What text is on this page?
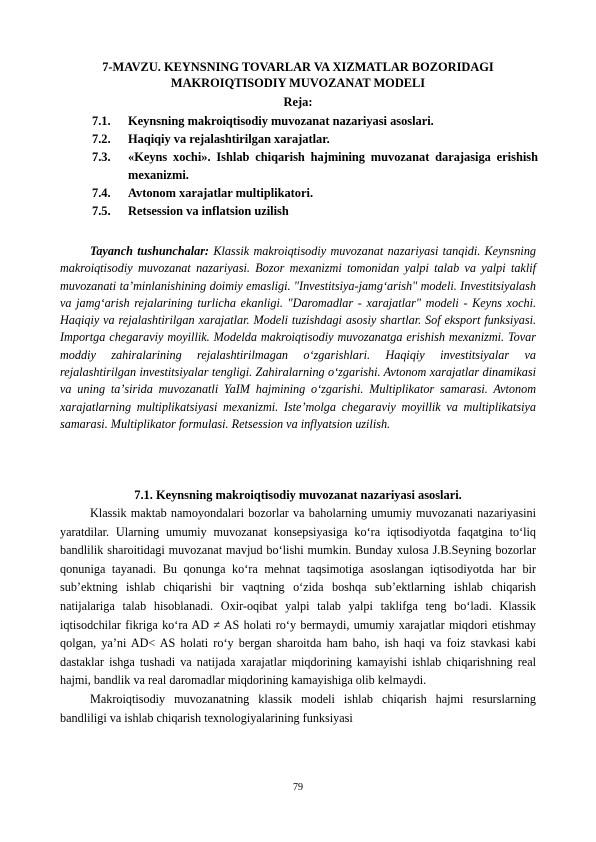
7-MAVZU. KEYNSNING TOVARLAR VA XIZMATLAR BOZORIDAGI MAKROIQTISODIY MUVOZANAT MODELI
Reja:
7.1.	Keynsning makroiqtisodiy muvozanat nazariyasi asoslari.
7.2.	Haqiqiy va rejalashtirilgan xarajatlar.
7.3.	«Keyns xochi». Ishlab chiqarish hajmining muvozanat darajasiga erishish mexanizmi.
7.4.	Avtonom xarajatlar multiplikatori.
7.5.	Retsession va inflatsion uzilish

Tayanch tushunchalar: Klassik makroiqtisodiy muvozanat nazariyasi tanqidi. Keynsning makroiqtisodiy muvozanat nazariyasi. Bozor mexanizmi tomonidan yalpi talab va yalpi taklif muvozanati taʼminlanishining doimiy emasligi. "Investitsiya-jamg‘arish" modeli. Investitsiyalash va jamg‘arish rejalarining turlicha ekanligi. "Daromadlar - xarajatlar" modeli - Keyns xochi. Haqiqiy va rejalashtirilgan xarajatlar. Modeli tuzishdagi asosiy shartlar. Sof eksport funksiyasi. Importga chegaraviy moyillik. Modelda makroiqtisodiy muvozanatga erishish mexanizmi. Tovar moddiy zahiralarining rejalashtirilmagan o‘zgarishlari. Haqiqiy investitsiyalar va rejalashtirilgan investitsiyalar tengligi. Zahiralarning o‘zgarishi. Avtonom xarajatlar dinamikasi va uning taʼsirida muvozanatli YaIM hajmining o‘zgarishi. Multiplikator samarasi. Avtonom xarajatlarning multiplikatsiyasi mexanizmi. Isteʼmolga chegaraviy moyillik va multiplikatsiya samarasi. Multiplikator formulasi. Retsession va inflyatsion uzilish.

7.1. Keynsning makroiqtisodiy muvozanat nazariyasi asoslari.

Klassik maktab namoyondalari bozorlar va baholarning umumiy muvozanati nazariyasini yaratdilar. Ularning umumiy muvozanat konsepsiyasiga ko‘ra iqtisodiyotda faqatgina to‘liq bandlilik sharoitidagi muvozanat mavjud bo‘lishi mumkin. Bunday xulosa J.B.Seyning bozorlar qonuniga tayanadi. Bu qonunga ko‘ra mehnat taqsimotiga asoslangan iqtisodiyotda har bir sub’ektning ishlab chiqarishi bir vaqtning o‘zida boshqa sub’ektlarning ishlab chiqarish natijalariga talab hisoblanadi. Oxir-oqibat yalpi talab yalpi taklifga teng bo‘ladi. Klassik iqtisodchilar fikriga ko‘ra AD ≠ AS holati ro‘y bermaydi, umumiy xarajatlar miqdori etishmay qolgan, ya’ni AD< AS holati ro‘y bergan sharoitda ham baho, ish haqi va foiz stavkasi kabi dastaklar ishga tushadi va natijada xarajatlar miqdorining kamayishi ishlab chiqarishning real hajmi, bandlik va real daromadlar miqdorining kamayishiga olib kelmaydi.

Makroiqtisodiy muvozanatning klassik modeli ishlab chiqarish hajmi resurslarning bandliligi va ishlab chiqarish texnologiyalarining funksiyasi

79
